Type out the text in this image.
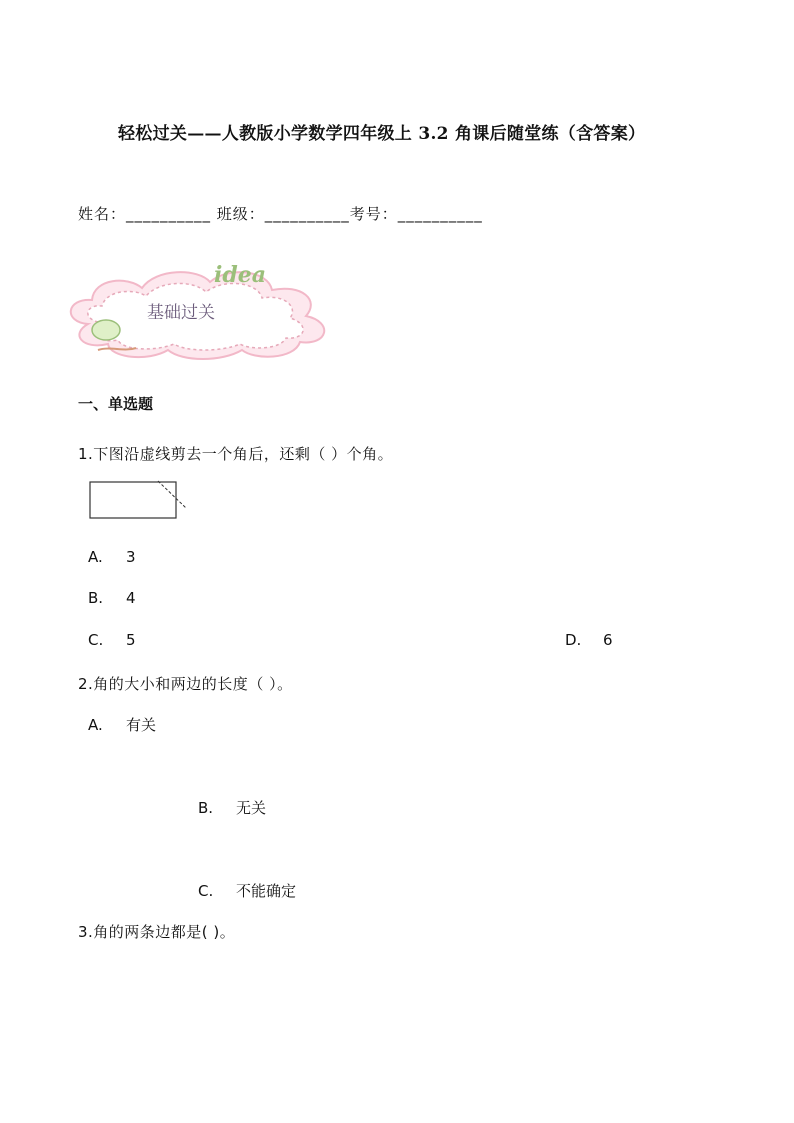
轻松过关——人教版小学数学四年级上 3.2 角课后随堂练（含答案）
姓名：__________ 班级：__________考号：__________
idea
基础过关
一、单选题
1.下图沿虚线剪去一个角后，还剩（ ）个角。
A. 3
B. 4
C. 5	D. 6
2.角的大小和两边的长度（ ）。
A. 有关
B. 无关
C. 不能确定
3.角的两条边都是( )。
